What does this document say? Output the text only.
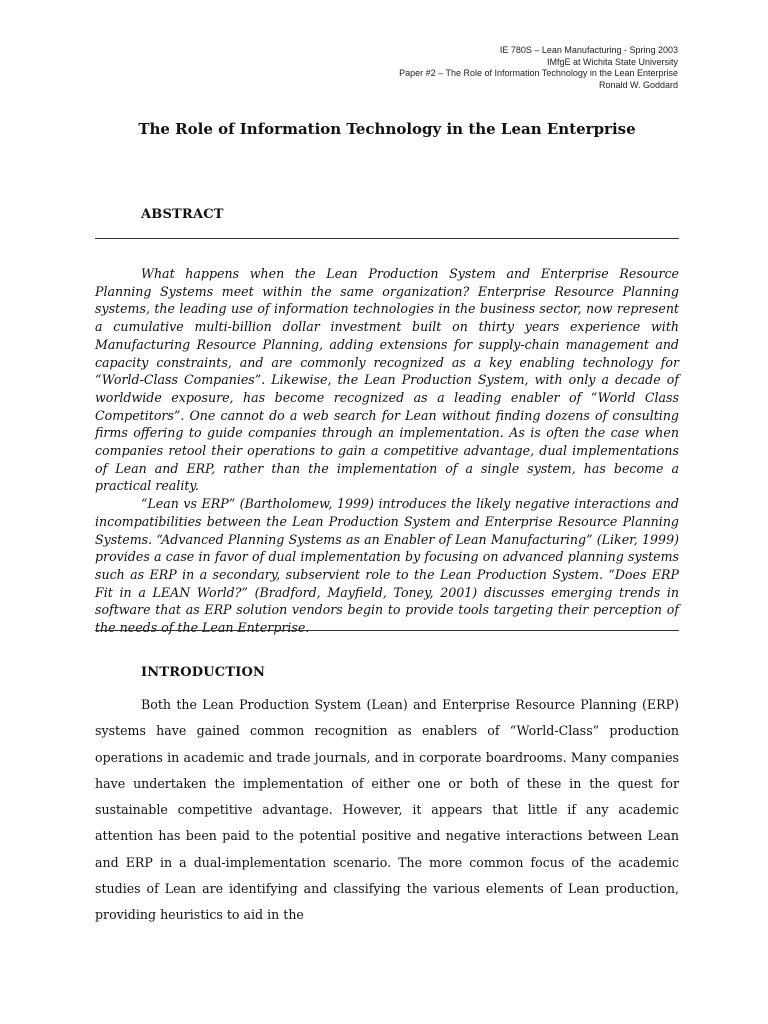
IE 780S – Lean Manufacturing - Spring 2003
IMfgE at Wichita State University
Paper #2 – The Role of Information Technology in the Lean Enterprise
Ronald W. Goddard
The Role of Information Technology in the Lean Enterprise
ABSTRACT

What happens when the Lean Production System and Enterprise Resource Planning Systems meet within the same organization? Enterprise Resource Planning systems, the leading use of information technologies in the business sector, now represent a cumulative multi-billion dollar investment built on thirty years experience with Manufacturing Resource Planning, adding extensions for supply-chain management and capacity constraints, and are commonly recognized as a key enabling technology for “World-Class Companies”. Likewise, the Lean Production System, with only a decade of worldwide exposure, has become recognized as a leading enabler of “World Class Competitors”. One cannot do a web search for Lean without finding dozens of consulting firms offering to guide companies through an implementation. As is often the case when companies retool their operations to gain a competitive advantage, dual implementations of Lean and ERP, rather than the implementation of a single system, has become a practical reality.

“Lean vs ERP” (Bartholomew, 1999) introduces the likely negative interactions and incompatibilities between the Lean Production System and Enterprise Resource Planning Systems. “Advanced Planning Systems as an Enabler of Lean Manufacturing” (Liker, 1999) provides a case in favor of dual implementation by focusing on advanced planning systems such as ERP in a secondary, subservient role to the Lean Production System. “Does ERP Fit in a LEAN World?” (Bradford, Mayfield, Toney, 2001) discusses emerging trends in software that as ERP solution vendors begin to provide tools targeting their perception of the needs of the Lean Enterprise.

INTRODUCTION

Both the Lean Production System (Lean) and Enterprise Resource Planning (ERP) systems have gained common recognition as enablers of “World-Class” production operations in academic and trade journals, and in corporate boardrooms. Many companies have undertaken the implementation of either one or both of these in the quest for sustainable competitive advantage. However, it appears that little if any academic attention has been paid to the potential positive and negative interactions between Lean and ERP in a dual-implementation scenario. The more common focus of the academic studies of Lean are identifying and classifying the various elements of Lean production, providing heuristics to aid in the
